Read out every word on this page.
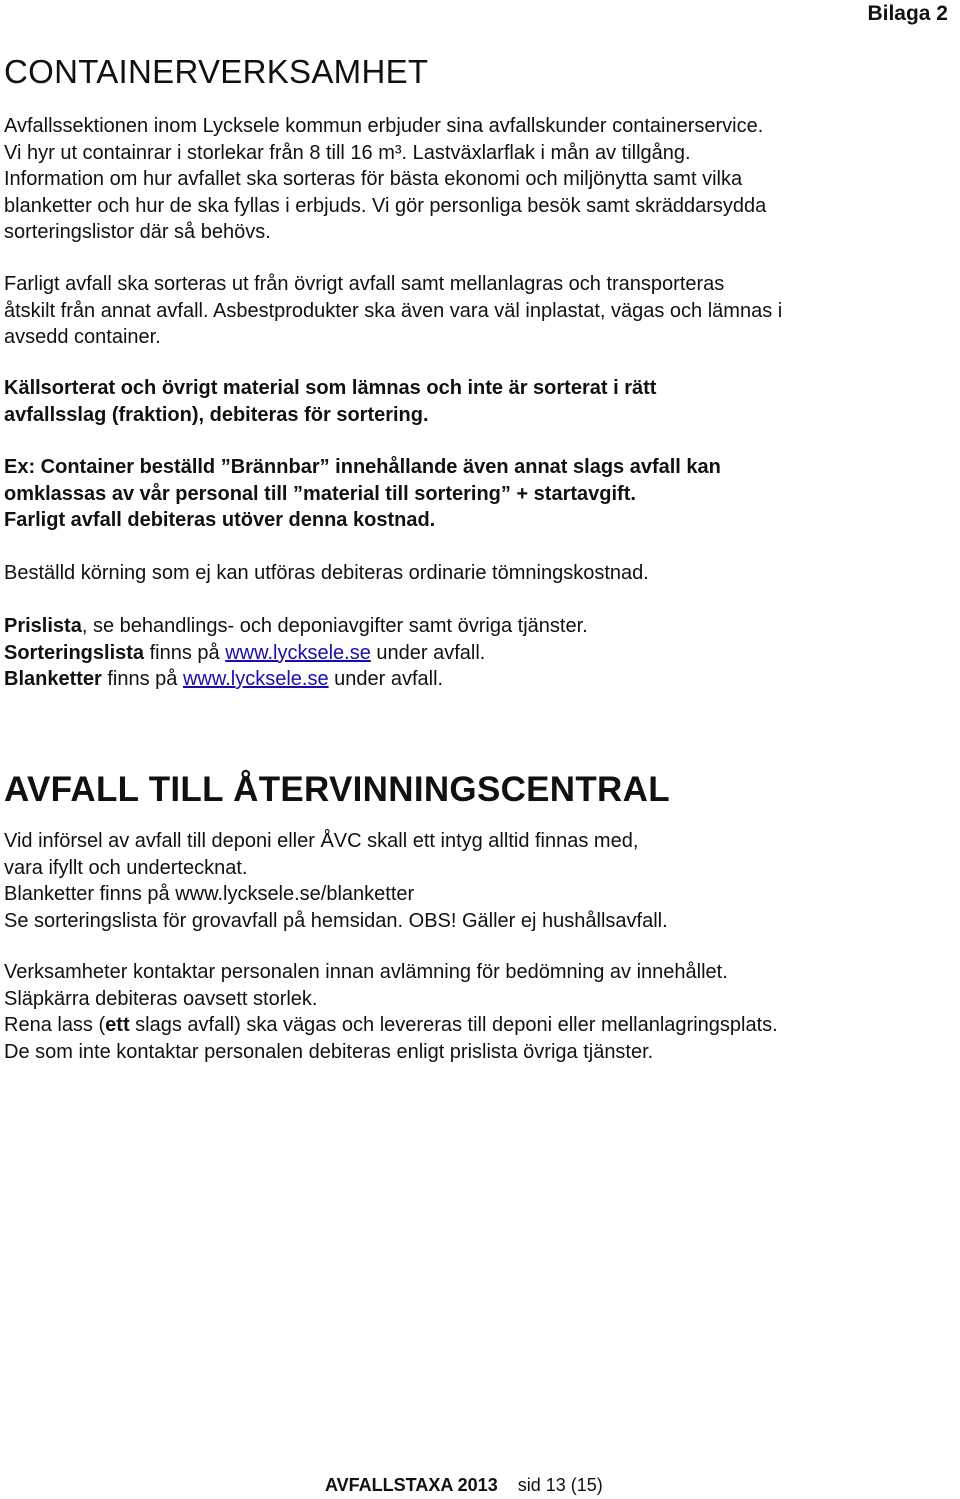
Bilaga 2
CONTAINERVERKSAMHET

Avfallssektionen inom Lycksele kommun erbjuder sina avfallskunder containerservice.
Vi hyr ut containrar i storlekar från 8 till 16 m³. Lastväxlarflak i mån av tillgång.
Information om hur avfallet ska sorteras för bästa ekonomi och miljönytta samt vilka
blanketter och hur de ska fyllas i erbjuds. Vi gör personliga besök samt skräddarsydda
sorteringslistor där så behövs.

Farligt avfall ska sorteras ut från övrigt avfall samt mellanlagras och transporteras
åtskilt från annat avfall. Asbestprodukter ska även vara väl inplastat, vägas och lämnas i
avsedd container.

Källsorterat och övrigt material som lämnas och inte är sorterat i rätt
avfallsslag (fraktion), debiteras för sortering.

Ex: Container beställd ”Brännbar” innehållande även annat slags avfall kan
omklassas av vår personal till ”material till sortering” + startavgift.
Farligt avfall debiteras utöver denna kostnad.

Beställd körning som ej kan utföras debiteras ordinarie tömningskostnad.

Prislista, se behandlings- och deponiavgifter samt övriga tjänster.
Sorteringslista finns på www.lycksele.se under avfall.
Blanketter finns på www.lycksele.se under avfall.

AVFALL TILL ÅTERVINNINGSCENTRAL

Vid införsel av avfall till deponi eller ÅVC skall ett intyg alltid finnas med,
vara ifyllt och undertecknat.
Blanketter finns på www.lycksele.se/blanketter
Se sorteringslista för grovavfall på hemsidan. OBS! Gäller ej hushållsavfall.

Verksamheter kontaktar personalen innan avlämning för bedömning av innehållet.
Släpkärra debiteras oavsett storlek.
Rena lass (ett slags avfall) ska vägas och levereras till deponi eller mellanlagringsplats.
De som inte kontaktar personalen debiteras enligt prislista övriga tjänster.

AVFALLSTAXA 2013 sid 13 (15)
